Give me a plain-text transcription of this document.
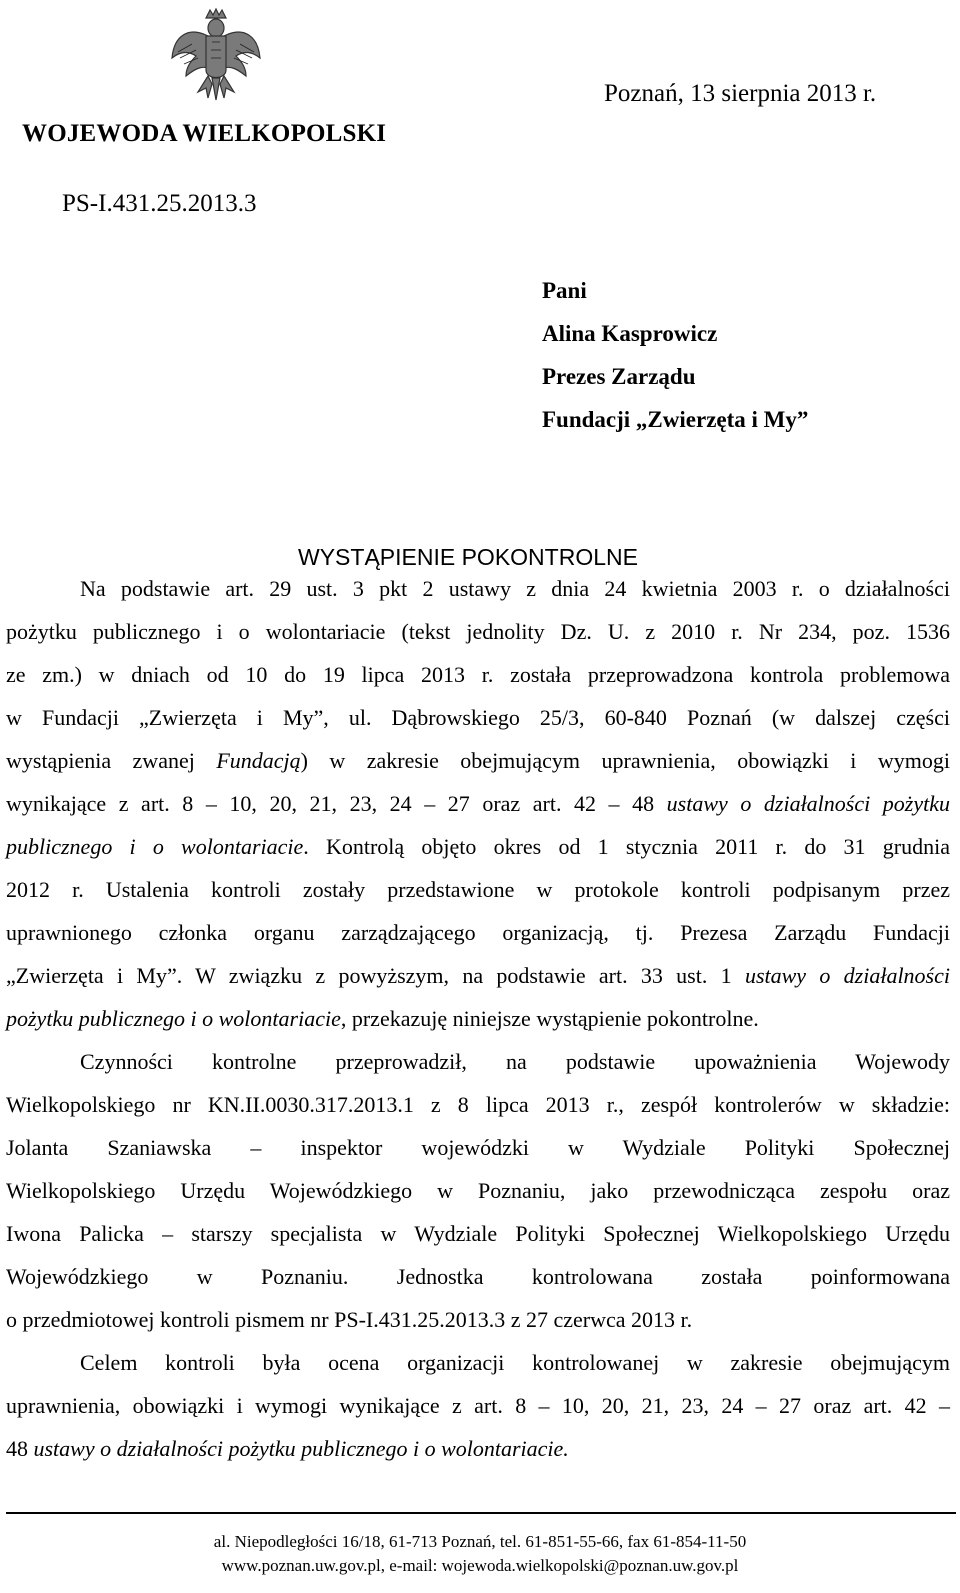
Poznań, 13 sierpnia 2013 r.
WOJEWODA WIELKOPOLSKI
PS-I.431.25.2013.3
Pani
Alina Kasprowicz
Prezes Zarządu
Fundacji „Zwierzęta i My”
WYSTĄPIENIE POKONTROLNE
Na podstawie art. 29 ust. 3 pkt 2 ustawy z dnia 24 kwietnia 2003 r. o działalności
pożytku publicznego i o wolontariacie (tekst jednolity Dz. U. z 2010 r. Nr 234, poz. 1536
ze zm.) w dniach od 10 do 19 lipca 2013 r. została przeprowadzona kontrola problemowa
w Fundacji „Zwierzęta i My”, ul. Dąbrowskiego 25/3, 60-840 Poznań (w dalszej części
wystąpienia zwanej Fundacją) w zakresie obejmującym uprawnienia, obowiązki i wymogi
wynikające z art. 8 – 10, 20, 21, 23, 24 – 27 oraz art. 42 – 48 ustawy o działalności pożytku
publicznego i o wolontariacie. Kontrolą objęto okres od 1 stycznia 2011 r. do 31 grudnia
2012 r. Ustalenia kontroli zostały przedstawione w protokole kontroli podpisanym przez
uprawnionego członka organu zarządzającego organizacją, tj. Prezesa Zarządu Fundacji
„Zwierzęta i My”. W związku z powyższym, na podstawie art. 33 ust. 1 ustawy o działalności
pożytku publicznego i o wolontariacie, przekazuję niniejsze wystąpienie pokontrolne.
Czynności kontrolne przeprowadził, na podstawie upoważnienia Wojewody
Wielkopolskiego nr KN.II.0030.317.2013.1 z 8 lipca 2013 r., zespół kontrolerów w składzie:
Jolanta Szaniawska – inspektor wojewódzki w Wydziale Polityki Społecznej
Wielkopolskiego Urzędu Wojewódzkiego w Poznaniu, jako przewodnicząca zespołu oraz
Iwona Palicka – starszy specjalista w Wydziale Polityki Społecznej Wielkopolskiego Urzędu
Wojewódzkiego w Poznaniu. Jednostka kontrolowana została poinformowana
o przedmiotowej kontroli pismem nr PS-I.431.25.2013.3 z 27 czerwca 2013 r.
Celem kontroli była ocena organizacji kontrolowanej w zakresie obejmującym
uprawnienia, obowiązki i wymogi wynikające z art. 8 – 10, 20, 21, 23, 24 – 27 oraz art. 42 –
48 ustawy o działalności pożytku publicznego i o wolontariacie.
al. Niepodległości 16/18, 61-713 Poznań, tel. 61-851-55-66, fax 61-854-11-50
www.poznan.uw.gov.pl, e-mail: wojewoda.wielkopolski@poznan.uw.gov.pl
